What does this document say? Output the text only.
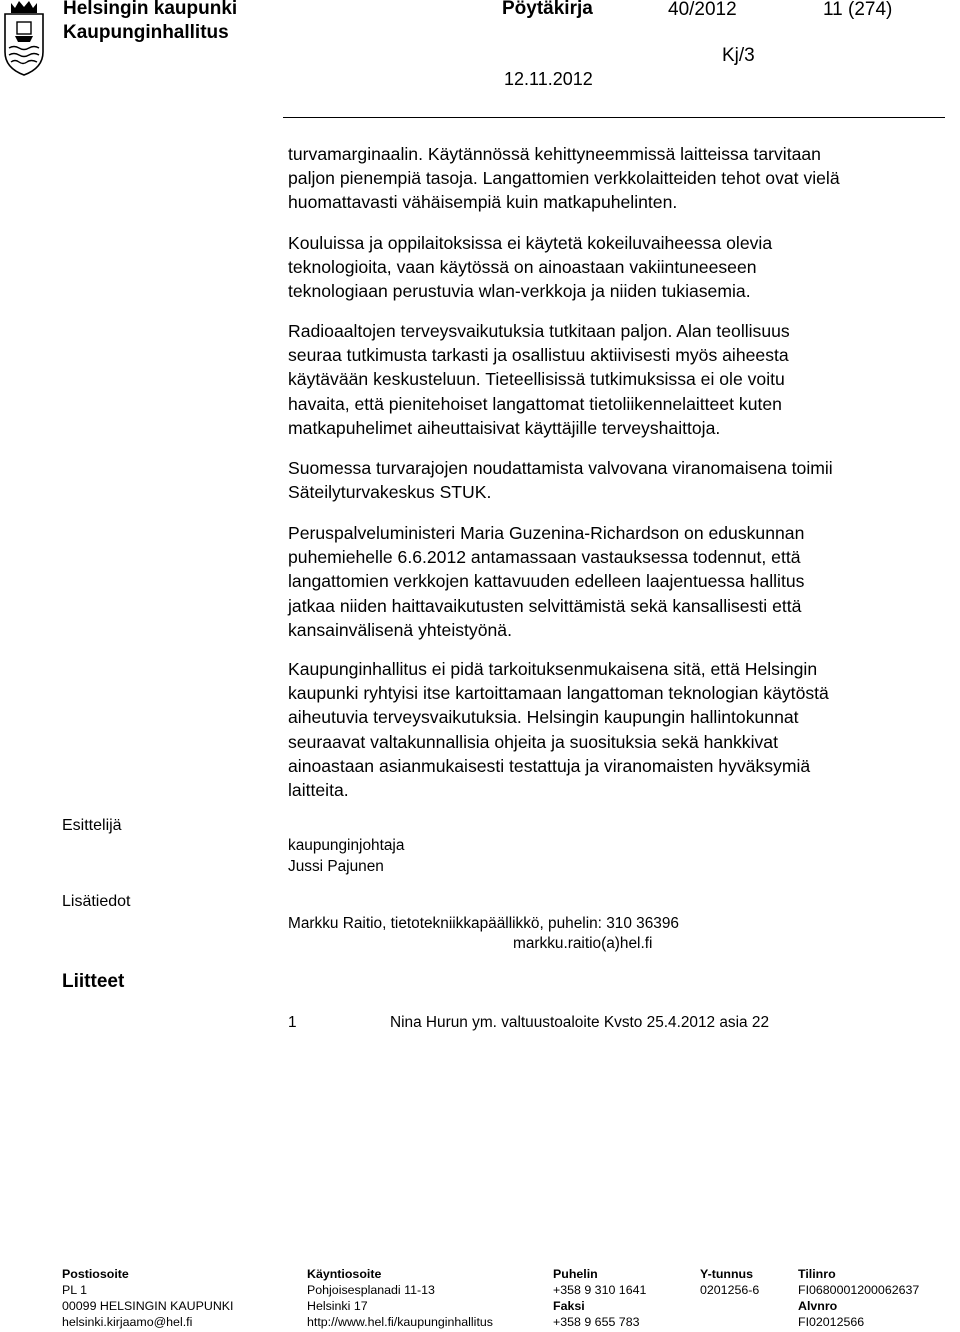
Helsingin kaupunki
Kaupunginhallitus
Pöytäkirja	40/2012	11 (274)
Kj/3
12.11.2012
turvamarginaalin. Käytännössä kehittyneemmissä laitteissa tarvitaan
paljon pienempiä tasoja. Langattomien verkkolaitteiden tehot ovat vielä
huomattavasti vähäisempiä kuin matkapuhelinten.
Kouluissa ja oppilaitoksissa ei käytetä kokeiluvaiheessa olevia
teknologioita, vaan käytössä on ainoastaan vakiintuneeseen
teknologiaan perustuvia wlan-verkkoja ja niiden tukiasemia.
Radioaaltojen terveysvaikutuksia tutkitaan paljon. Alan teollisuus
seuraa tutkimusta tarkasti ja osallistuu aktiivisesti myös aiheesta
käytävään keskusteluun. Tieteellisissä tutkimuksissa ei ole voitu
havaita, että pienitehoiset langattomat tietoliikennelaitteet kuten
matkapuhelimet aiheuttaisivat käyttäjille terveyshaittoja.
Suomessa turvarajojen noudattamista valvovana viranomaisena toimii
Säteilyturvakeskus STUK.
Peruspalveluministeri Maria Guzenina-Richardson on eduskunnan
puhemiehelle 6.6.2012 antamassaan vastauksessa todennut, että
langattomien verkkojen kattavuuden edelleen laajentuessa hallitus
jatkaa niiden haittavaikutusten selvittämistä sekä kansallisesti että
kansainvälisenä yhteistyönä.
Kaupunginhallitus ei pidä tarkoituksenmukaisena sitä, että Helsingin
kaupunki ryhtyisi itse kartoittamaan langattoman teknologian käytöstä
aiheutuvia terveysvaikutuksia. Helsingin kaupungin hallintokunnat
seuraavat valtakunnallisia ohjeita ja suosituksia sekä hankkivat
ainoastaan asianmukaisesti testattuja ja viranomaisten hyväksymiä
laitteita.
Esittelijä
kaupunginjohtaja
Jussi Pajunen
Lisätiedot
Markku Raitio, tietotekniikkapäällikkö, puhelin: 310 36396
markku.raitio(a)hel.fi
Liitteet
1	Nina Hurun ym. valtuustoaloite Kvsto 25.4.2012 asia 22
Postiosoite
PL 1
00099 HELSINGIN KAUPUNKI
helsinki.kirjaamo@hel.fi
Käyntiosoite
Pohjoisesplanadi 11-13
Helsinki 17
http://www.hel.fi/kaupunginhallitus
Puhelin
+358 9 310 1641
Faksi
+358 9 655 783
Y-tunnus
0201256-6
Tilinro
FI0680001200062637
Alvnro
FI02012566
